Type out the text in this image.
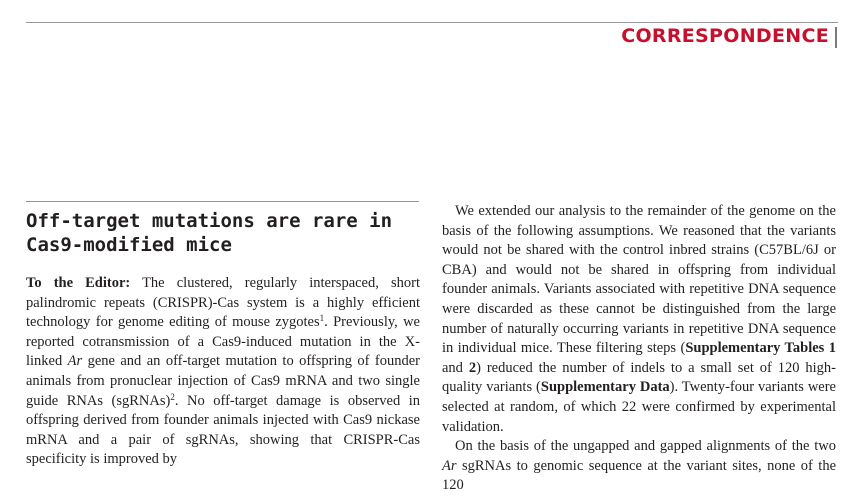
CORRESPONDENCE
Off-target mutations are rare in Cas9-modified mice

To the Editor: The clustered, regularly interspaced, short palindromic repeats (CRISPR)-Cas system is a highly efficient technology for genome editing of mouse zygotes$^1$. Previously, we reported cotransmission of a Cas9-induced mutation in the X-linked Ar gene and an off-target mutation to offspring of founder animals from pronuclear injection of Cas9 mRNA and two single guide RNAs (sgRNAs)$^2$. No off-target damage is observed in offspring derived from founder animals injected with Cas9 nickase mRNA and a pair of sgRNAs, showing that CRISPR-Cas specificity is improved by

We extended our analysis to the remainder of the genome on the basis of the following assumptions. We reasoned that the variants would not be shared with the control inbred strains (C57BL/6J or CBA) and would not be shared in offspring from individual founder animals. Variants associated with repetitive DNA sequence were discarded as these cannot be distinguished from the large number of naturally occurring variants in repetitive DNA sequence in individual mice. These filtering steps (Supplementary Tables 1 and 2) reduced the number of indels to a small set of 120 high-quality variants (Supplementary Data). Twenty-four variants were selected at random, of which 22 were confirmed by experimental validation.

On the basis of the ungapped and gapped alignments of the two Ar sgRNAs to genomic sequence at the variant sites, none of the 120
